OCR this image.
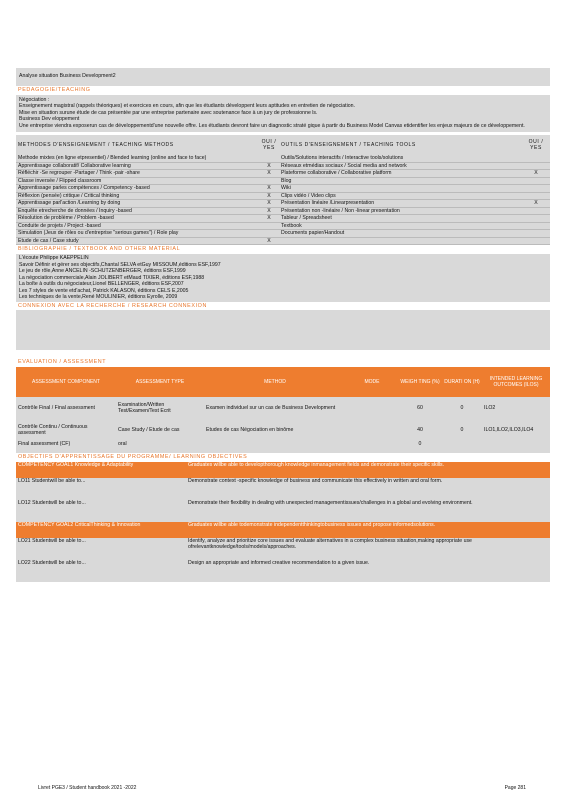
Analyse situation Business Development2
PEDAGOGIE/TEACHING
Négociation :
Enseignement magistral (rappels théoriques) et exercices en cours, afin que les étudiants développent leurs aptitudes en entretien de négociation.
Mise en situation surune étude de cas présentée par une entreprise partenaire avec soutenance face à un jury de professionne ls.
Business Dev eloppement
Une entreprise viendra exposerun cas de développementd'une nouvelle offre. Les étudiants devront faire un diagnostic straté gique à partir du Business Model Canvas etidentifier les enjeux majeurs de ce développement.
METHODES D'ENSEIGNEMENT / TEACHING METHODS	OUI / YES	OUTILS D'ENSEIGNEMENT / TEACHING TOOLS	OUI / YES
Methode mixtes (en ligne etpresentiel) / Blended learning (online and face to face)		Outils/Solutions interactifs / Interactive tools/solutions	
Apprentissage collaboratif/ Collaborative learning	X	Réseaux etmédias sociaux / Social media and network	
Réfléchir -Se regrouper -Partager / Think -pair -share	X	Plateforme collaborative / Collaborative platform	X
Classe inversée / Flipped classroom		Blog	
Apprentissage parles compétences / Competency -based	X	Wiki	
Réflexion (pensée) critique / Critical thinking	X	Clips vidéo / Video clips	
Apprentissage parl'action /Learning by doing	X	Présentation linéaire /Linearpresentation	X
Enquête etrecherche de données / Inquiry -based	X	Présentation non -linéaire / Non -linear presentation	
Résolution de problème / Problem -based	X	Tableur / Spreadsheet	
Conduite de projets / Project -based		Textbook	
Simulation (Jeux de rôles ou d'entreprise "serious games") / Role play		Documents papier/Handout	
Etude de cas / Case study	X		
BIBLIOGRAPHIE / TEXTBOOK AND OTHER MATERIAL
L'écoute Philippe KAEPPELIN
Savoir Définir et gérer ses objectifs,Chantal SELVA etGuy MISSOUM,éditions ESF,1997
Le jeu de rôle,Anne ANCELIN -SCHUTZENBERGER, éditions ESF,1999
La négociation commerciale,Alain JOLIBERT etMaud TIXIER, éditions ESF,1988
La boîte à outils du négociateur,Lionel BELLENGER, éditions ESF,2007
Les 7 styles de vente etd'achat, Patrick KALASON, éditions CELS E,2005
Les techniques de la vente,René MOULINIER, éditions Eyrolle, 2009
CONNEXION AVEC LA RECHERCHE / RESEARCH CONNEXION
EVALUATION / ASSESSMENT
ASSESSMENT COMPONENT	ASSESSMENT TYPE	METHOD	MODE	WEIGH TING (%)	DURATI ON (H)	INTENDED LEARNING OUTCOMES (ILOS)
Contrôle Final / Final assessment	Examination/Written Test/Examen/Test Ecrit	Examen individuel sur un cas de Business Development		60	0	ILO2
Contrôle Continu / Continuous assessment	Case Study / Etude de cas	Etudes de cas Négociation en binôme		40	0	ILO1,ILO2,ILO3,ILO4
Final assessment (CF)	oral			0		
OBJECTIFS D'APPRENTISSAGE DU PROGRAMME/ LEARNING OBJECTIVES
COMPETENCY GOAL1 Knowledge & Adaptability	Graduates willbe able to developthorough knowledge inmanagement fields and demonstrate their specific skills.
LO11 Studentwill be able to...	Demonstrate context -specific knowledge of business and communicate this effectively in written and oral form.
LO12 Studentwill be able to...	Demonstrate their flexibility in dealing with unexpected managementissues/challenges in a global and evolving environment.
COMPETENCY GOAL2 CriticalThinking & Innovation	Graduates willbe able todemonstrate independentthinkingtobusiness issues and propose informedsolutions.
LO21 Studentwill be able to...	Identify, analyze and prioritize core issues and evaluate alternatives in a complex business situation,making appropriate use ofrelevantknowledge/tools/models/approaches.
LO22 Studentwill be able to...	Design an appropriate and informed creative recommendation to a given issue.
Livret PGE3 / Student handbook 2021 -2022	Page 281
